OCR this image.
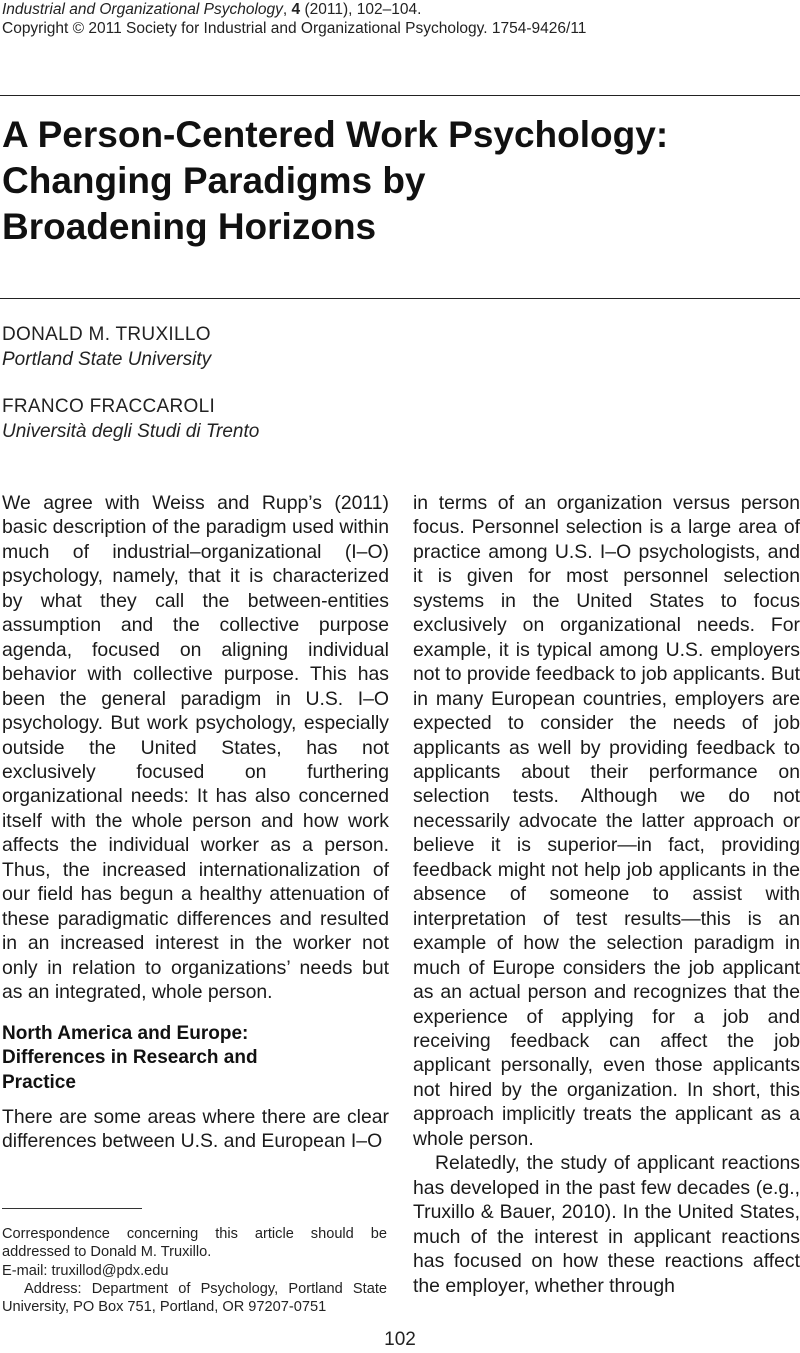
Industrial and Organizational Psychology, 4 (2011), 102–104.
Copyright © 2011 Society for Industrial and Organizational Psychology. 1754-9426/11
A Person-Centered Work Psychology:
Changing Paradigms by
Broadening Horizons
DONALD M. TRUXILLO
Portland State University
FRANCO FRACCAROLI
Università degli Studi di Trento

We agree with Weiss and Rupp’s (2011) basic description of the paradigm used within much of industrial–organizational (I–O) psychology, namely, that it is characterized by what they call the between-entities assumption and the collective purpose agenda, focused on aligning individual behavior with collective purpose. This has been the general paradigm in U.S. I–O psychology. But work psychology, especially outside the United States, has not exclusively focused on furthering organizational needs: It has also concerned itself with the whole person and how work affects the individual worker as a person. Thus, the increased internationalization of our field has begun a healthy attenuation of these paradigmatic differences and resulted in an increased interest in the worker not only in relation to organizations’ needs but as an integrated, whole person.

North America and Europe:
Differences in Research and
Practice

There are some areas where there are clear differences between U.S. and European I–O

in terms of an organization versus person focus. Personnel selection is a large area of practice among U.S. I–O psychologists, and it is given for most personnel selection systems in the United States to focus exclusively on organizational needs. For example, it is typical among U.S. employers not to provide feedback to job applicants. But in many European countries, employers are expected to consider the needs of job applicants as well by providing feedback to applicants about their performance on selection tests. Although we do not necessarily advocate the latter approach or believe it is superior—in fact, providing feedback might not help job applicants in the absence of someone to assist with interpretation of test results—this is an example of how the selection paradigm in much of Europe considers the job applicant as an actual person and recognizes that the experience of applying for a job and receiving feedback can affect the job applicant personally, even those applicants not hired by the organization. In short, this approach implicitly treats the applicant as a whole person.

Relatedly, the study of applicant reactions has developed in the past few decades (e.g., Truxillo & Bauer, 2010). In the United States, much of the interest in applicant reactions has focused on how these reactions affect the employer, whether through

Correspondence concerning this article should be addressed to Donald M. Truxillo.

E-mail: truxillod@pdx.edu

Address: Department of Psychology, Portland State University, PO Box 751, Portland, OR 97207-0751

102
